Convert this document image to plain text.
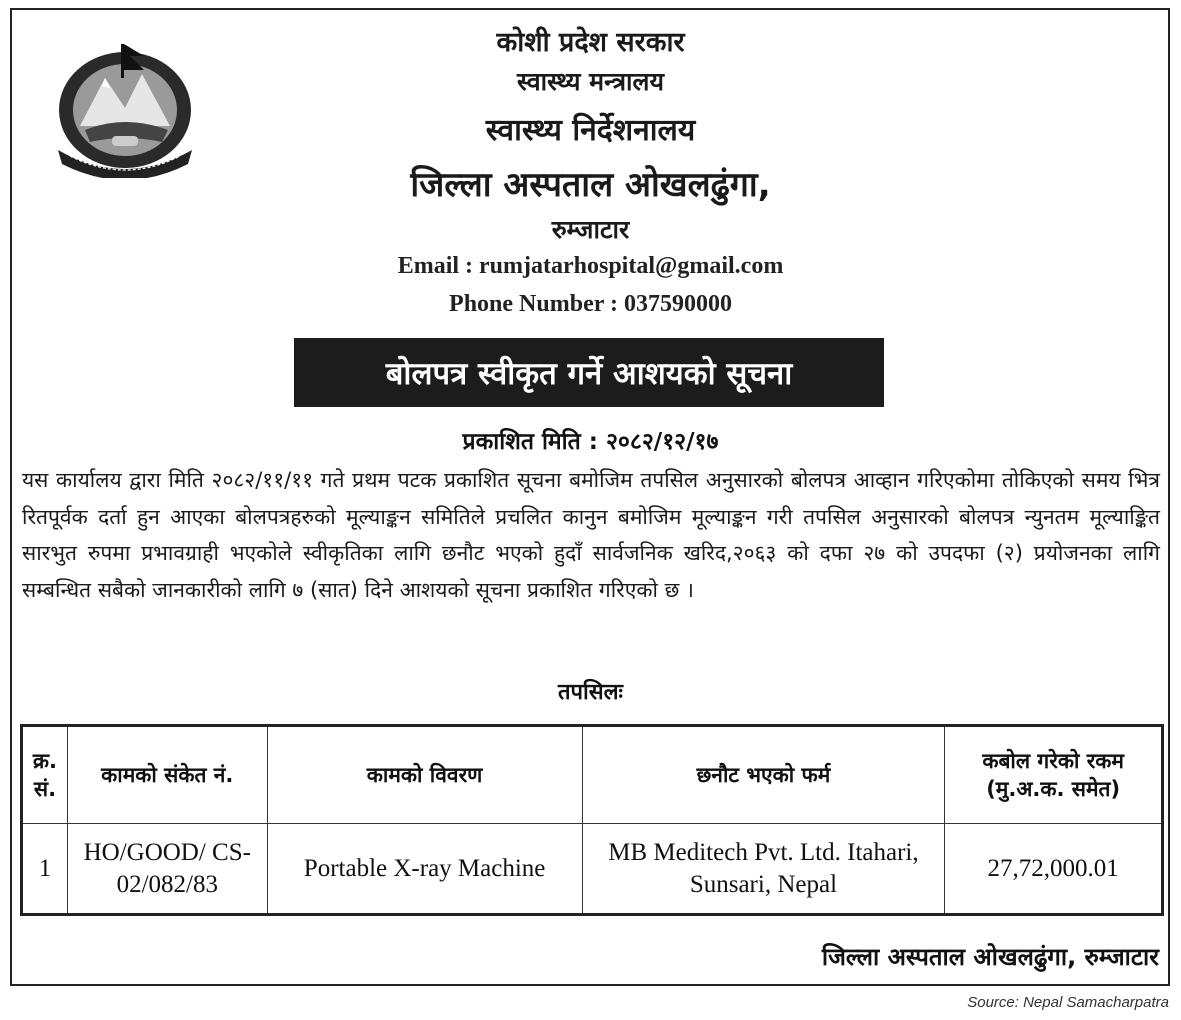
कोशी प्रदेश सरकार
स्वास्थ्य मन्त्रालय
स्वास्थ्य निर्देशनालय
जिल्ला अस्पताल ओखलढुंगा,
रुम्जाटार
Email : rumjatarhospital@gmail.com
Phone Number : 037590000
बोलपत्र स्वीकृत गर्ने आशयको सूचना
प्रकाशित मिति : २०८२/१२/१७
यस कार्यालय द्वारा मिति २०८२/११/११ गते प्रथम पटक प्रकाशित सूचना बमोजिम तपसिल अनुसारको बोलपत्र आव्हान गरिएकोमा तोकिएको समय भित्र रितपूर्वक दर्ता हुन आएका बोलपत्रहरुको मूल्याङ्कन समितिले प्रचलित कानुन बमोजिम मूल्याङ्कन गरी तपसिल अनुसारको बोलपत्र न्युनतम मूल्याङ्कित सारभुत रुपमा प्रभावग्राही भएकोले स्वीकृतिका लागि छनौट भएको हुदाँ सार्वजनिक खरिद,२०६३ को दफा २७ को उपदफा (२) प्रयोजनका लागि सम्बन्धित सबैको जानकारीको लागि ७ (सात) दिने आशयको सूचना प्रकाशित गरिएको छ ।
तपसिलः
क्र. सं.	कामको संकेत नं.	कामको विवरण	छनौट भएको फर्म	कबोल गरेको रकम (मु.अ.क. समेत)
1	HO/GOOD/ CS-02/082/83	Portable X-ray Machine	MB Meditech Pvt. Ltd. Itahari, Sunsari, Nepal	27,72,000.01
जिल्ला अस्पताल ओखलढुंगा, रुम्जाटार
Source: Nepal Samacharpatra
